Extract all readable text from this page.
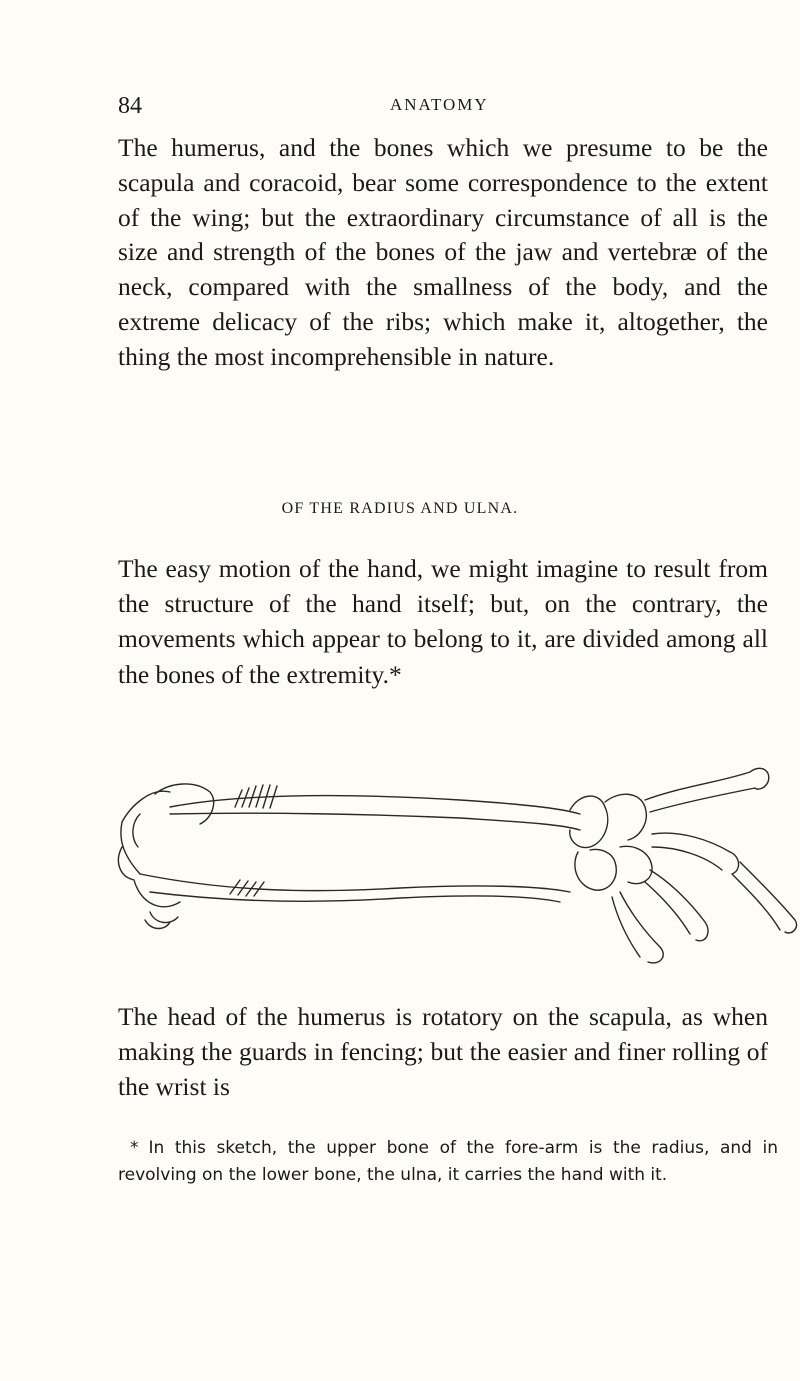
84	ANATOMY

The humerus, and the bones which we presume to be the scapula and coracoid, bear some correspondence to the extent of the wing; but the extraordinary circumstance of all is the size and strength of the bones of the jaw and vertebræ of the neck, compared with the smallness of the body, and the extreme delicacy of the ribs; which make it, altogether, the thing the most incomprehensible in nature.

OF THE RADIUS AND ULNA.

The easy motion of the hand, we might imagine to result from the structure of the hand itself; but, on the contrary, the movements which appear to belong to it, are divided among all the bones of the extremity.*

The head of the humerus is rotatory on the scapula, as when making the guards in fencing; but the easier and finer rolling of the wrist is

* In this sketch, the upper bone of the fore-arm is the radius, and in revolving on the lower bone, the ulna, it carries the hand with it.
